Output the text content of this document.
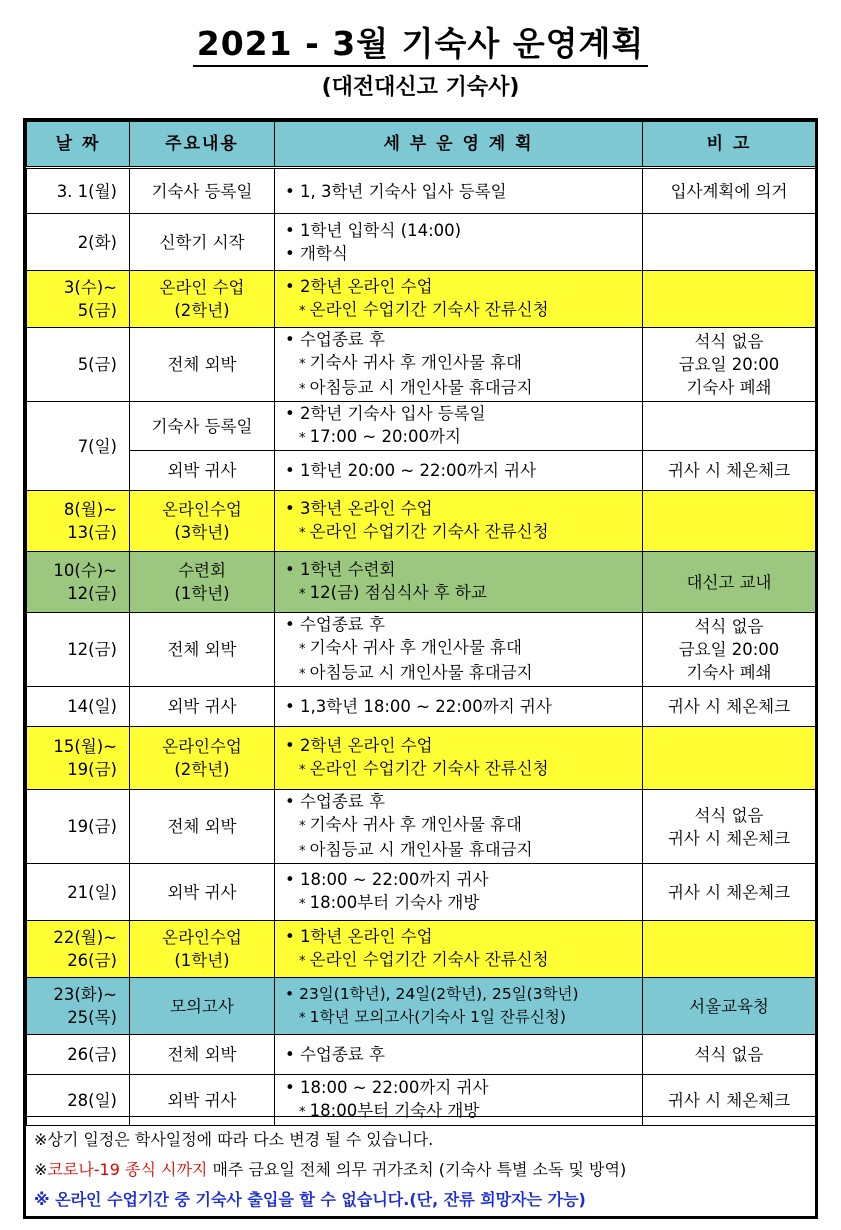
2021 - 3월 기숙사 운영계획
(대전대신고 기숙사)
날 짜	주요내용	세 부 운 영 계 획	비 고

3. 1(월)	기숙사 등록일	• 1, 3학년 기숙사 입사 등록일	입사계획에 의거

2(화)	신학기 시작	• 1학년 입학식 (14:00)
• 개학식

3(수)~
5(금)	온라인 수업
(2학년)	• 2학년 온라인 수업
* 온라인 수업기간 기숙사 잔류신청

5(금)	전체 외박	• 수업종료 후
* 기숙사 귀사 후 개인사물 휴대
* 아침등교 시 개인사물 휴대금지	석식 없음
금요일 20:00
기숙사 폐쇄

7(일)	기숙사 등록일	• 2학년 기숙사 입사 등록일
* 17:00 ~ 20:00까지

	외박 귀사	• 1학년 20:00 ~ 22:00까지 귀사	귀사 시 체온체크

8(월)~
13(금)	온라인수업
(3학년)	• 3학년 온라인 수업
* 온라인 수업기간 기숙사 잔류신청

10(수)~
12(금)	수련회
(1학년)	• 1학년 수련회
* 12(금) 점심식사 후 하교	대신고 교내

12(금)	전체 외박	• 수업종료 후
* 기숙사 귀사 후 개인사물 휴대
* 아침등교 시 개인사물 휴대금지	석식 없음
금요일 20:00
기숙사 폐쇄

14(일)	외박 귀사	• 1,3학년 18:00 ~ 22:00까지 귀사	귀사 시 체온체크

15(월)~
19(금)	온라인수업
(2학년)	• 2학년 온라인 수업
* 온라인 수업기간 기숙사 잔류신청

19(금)	전체 외박	• 수업종료 후
* 기숙사 귀사 후 개인사물 휴대
* 아침등교 시 개인사물 휴대금지	석식 없음
귀사 시 체온체크

21(일)	외박 귀사	• 18:00 ~ 22:00까지 귀사
* 18:00부터 기숙사 개방	귀사 시 체온체크

22(월)~
26(금)	온라인수업
(1학년)	• 1학년 온라인 수업
* 온라인 수업기간 기숙사 잔류신청

23(화)~
25(목)	모의고사	• 23일(1학년), 24일(2학년), 25일(3학년)
* 1학년 모의고사(기숙사 1일 잔류신청)	서울교육청

26(금)	전체 외박	• 수업종료 후	석식 없음

28(일)	외박 귀사	• 18:00 ~ 22:00까지 귀사
* 18:00부터 기숙사 개방	귀사 시 체온체크
※상기 일정은 학사일정에 따라 다소 변경 될 수 있습니다.
※코로나-19 종식 시까지 매주 금요일 전체 의무 귀가조치 (기숙사 특별 소독 및 방역)
※ 온라인 수업기간 중 기숙사 출입을 할 수 없습니다.(단, 잔류 희망자는 가능)
